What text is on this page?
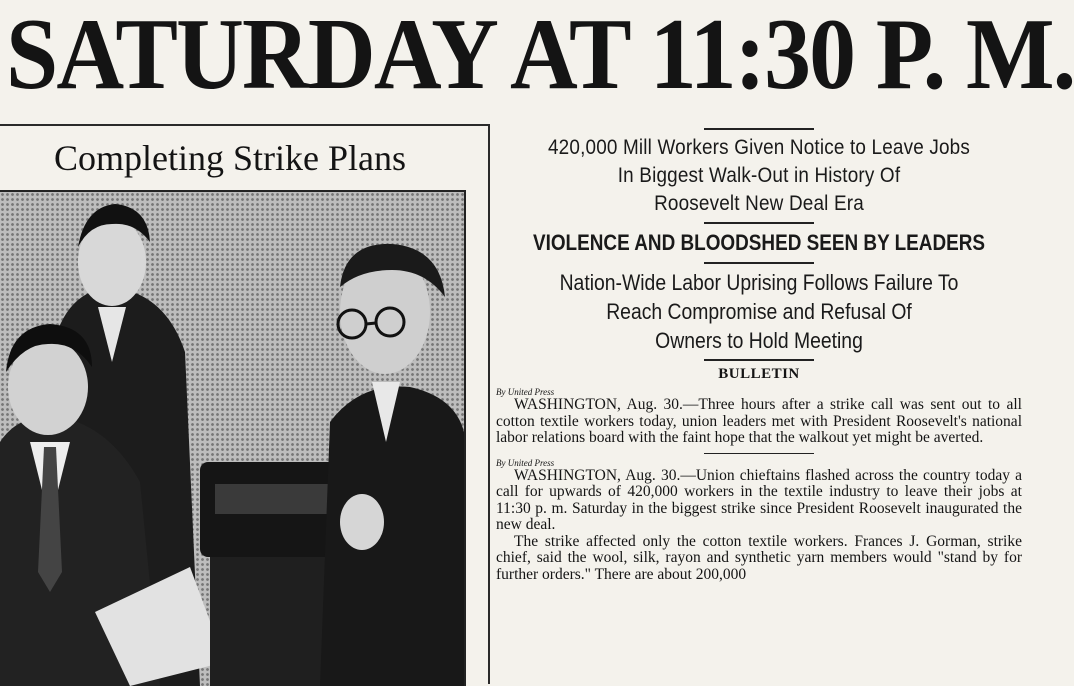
SATURDAY AT 11:30 P. M.
Completing Strike Plans	420,000 Mill Workers Given Notice to Leave Jobs
In Biggest Walk-Out in History Of
Roosevelt New Deal Era
VIOLENCE AND BLOODSHED SEEN BY LEADERS
Nation-Wide Labor Uprising Follows Failure To
Reach Compromise and Refusal Of
Owners to Hold Meeting
BULLETIN
By United Press

WASHINGTON, Aug. 30.—Three hours after a strike call was sent out to all cotton textile workers today, union leaders met with President Roosevelt's national labor relations board with the faint hope that the walkout yet might be averted.

By United Press

WASHINGTON, Aug. 30.—Union chieftains flashed across the country today a call for upwards of 420,000 workers in the textile industry to leave their jobs at 11:30 p. m. Saturday in the biggest strike since President Roosevelt inaugurated the new deal.

The strike affected only the cotton textile workers. Frances J. Gorman, strike chief, said the wool, silk, rayon and synthetic yarn members would "stand by for further orders." There are about 200,000
